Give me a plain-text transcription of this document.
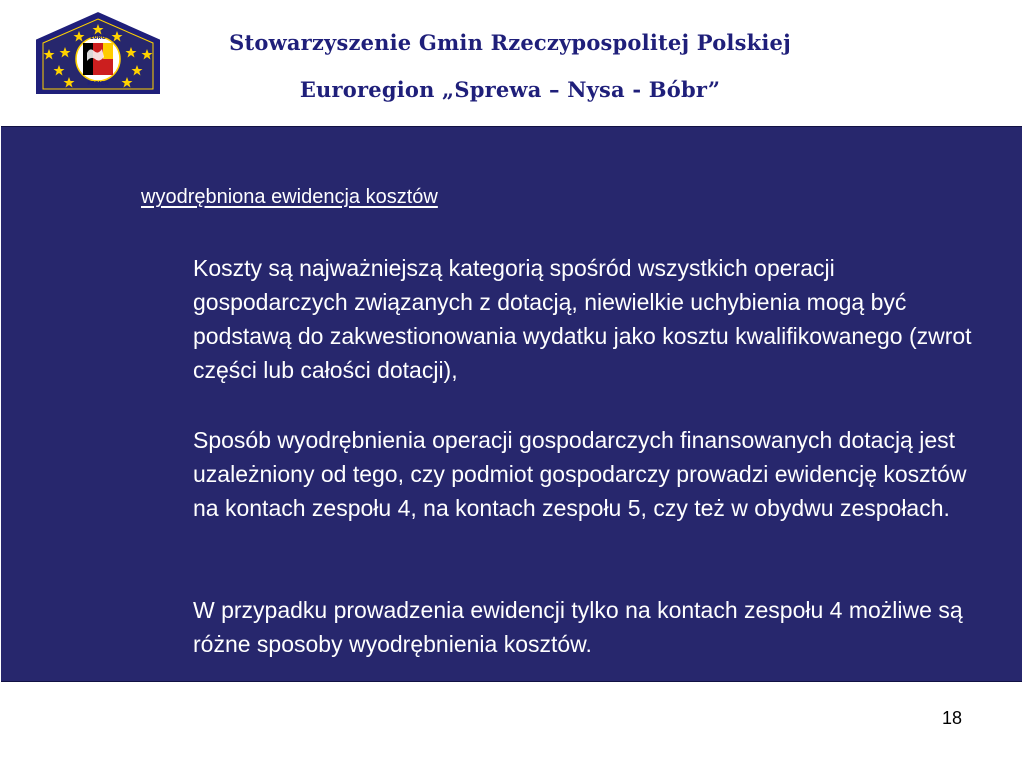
EURO
REGION
Stowarzyszenie Gmin Rzeczypospolitej Polskiej
Euroregion „Sprewa – Nysa - Bóbr”
wyodrębniona ewidencja kosztów
Koszty są najważniejszą kategorią spośród wszystkich operacji gospodarczych związanych z dotacją, niewielkie uchybienia mogą być podstawą do zakwestionowania wydatku jako kosztu kwalifikowanego (zwrot części lub całości dotacji),
Sposób wyodrębnienia operacji gospodarczych finansowanych dotacją jest uzależniony od tego, czy podmiot gospodarczy prowadzi ewidencję kosztów na kontach zespołu 4, na kontach zespołu 5, czy też w obydwu zespołach.
W przypadku prowadzenia ewidencji tylko na kontach zespołu 4 możliwe są różne sposoby wyodrębnienia kosztów.
18
